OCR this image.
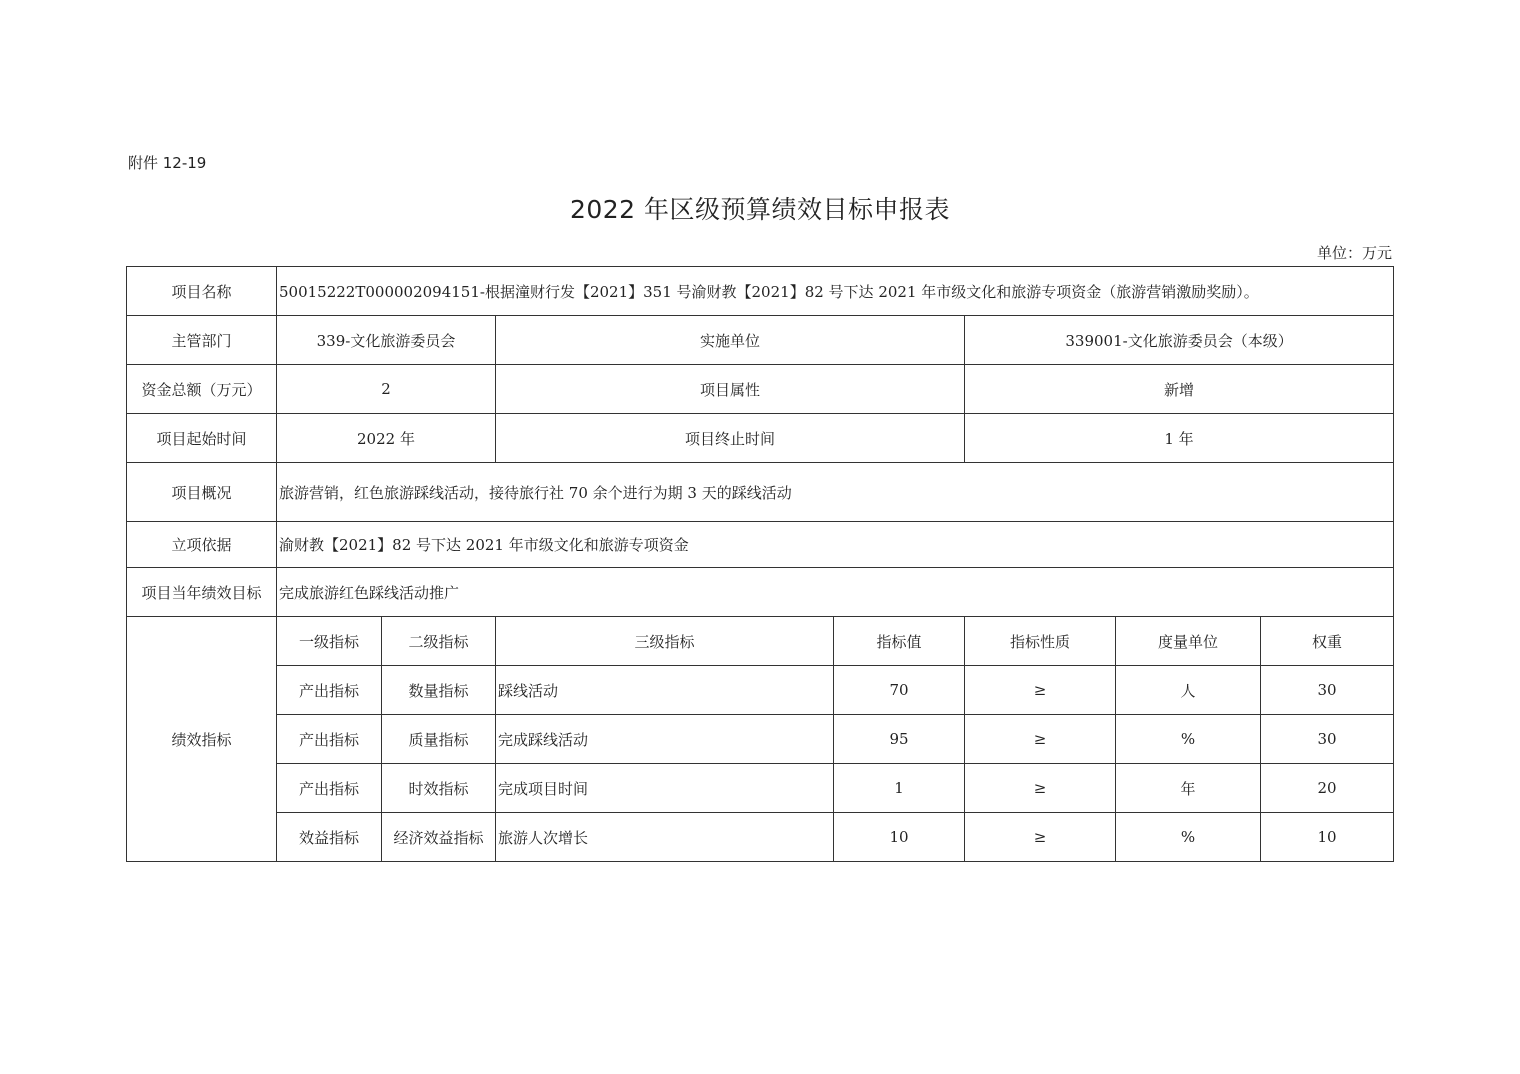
附件 12-19
2022 年区级预算绩效目标申报表
单位：万元
项目名称	50015222T000002094151-根据潼财行发【2021】351 号渝财教【2021】82 号下达 2021 年市级文化和旅游专项资金（旅游营销激励奖励）。						
主管部门	339-文化旅游委员会		实施单位		339001-文化旅游委员会（本级）		
资金总额（万元）	2		项目属性		新增		
项目起始时间	2022 年		项目终止时间		1 年		
项目概况	旅游营销，红色旅游踩线活动，接待旅行社 70 余个进行为期 3 天的踩线活动						
立项依据	渝财教【2021】82 号下达 2021 年市级文化和旅游专项资金						
项目当年绩效目标	完成旅游红色踩线活动推广						
绩效指标	一级指标	二级指标	三级指标	指标值	指标性质	度量单位	权重
	产出指标	数量指标	踩线活动	70	≥	人	30
	产出指标	质量指标	完成踩线活动	95	≥	%	30
	产出指标	时效指标	完成项目时间	1	≥	年	20
	效益指标	经济效益指标	旅游人次增长	10	≥	%	10
